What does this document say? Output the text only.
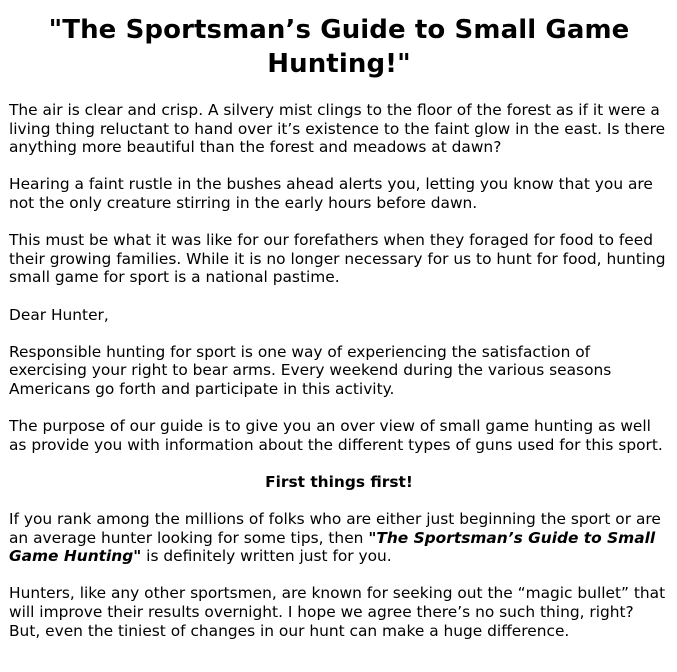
"The Sportsman’s Guide to Small Game Hunting!"

The air is clear and crisp. A silvery mist clings to the floor of the forest as if it were a living thing reluctant to hand over it’s existence to the faint glow in the east. Is there anything more beautiful than the forest and meadows at dawn?

Hearing a faint rustle in the bushes ahead alerts you, letting you know that you are not the only creature stirring in the early hours before dawn.

This must be what it was like for our forefathers when they foraged for food to feed their growing families. While it is no longer necessary for us to hunt for food, hunting small game for sport is a national pastime.

Dear Hunter,

Responsible hunting for sport is one way of experiencing the satisfaction of exercising your right to bear arms. Every weekend during the various seasons Americans go forth and participate in this activity.

The purpose of our guide is to give you an over view of small game hunting as well as provide you with information about the different types of guns used for this sport.

First things first!

If you rank among the millions of folks who are either just beginning the sport or are an average hunter looking for some tips, then "The Sportsman’s Guide to Small Game Hunting" is definitely written just for you.

Hunters, like any other sportsmen, are known for seeking out the “magic bullet” that will improve their results overnight. I hope we agree there’s no such thing, right? But, even the tiniest of changes in our hunt can make a huge difference.
